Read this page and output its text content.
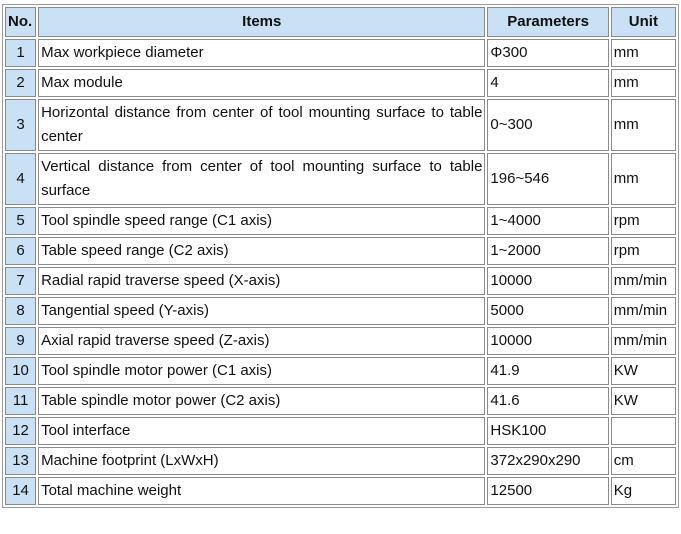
No.	Items	Parameters	Unit
1	Max workpiece diameter	Φ300	mm
2	Max module	4	mm
3	Horizontal distance from center of tool mounting surface to table center	0~300	mm
4	Vertical distance from center of tool mounting surface to table surface	196~546	mm
5	Tool spindle speed range (C1 axis)	1~4000	rpm
6	Table speed range (C2 axis)	1~2000	rpm
7	Radial rapid traverse speed (X-axis)	10000	mm/min
8	Tangential speed (Y-axis)	5000	mm/min
9	Axial rapid traverse speed (Z-axis)	10000	mm/min
10	Tool spindle motor power (C1 axis)	41.9	KW
11	Table spindle motor power (C2 axis)	41.6	KW
12	Tool interface	HSK100	
13	Machine footprint (LxWxH)	372x290x290	cm
14	Total machine weight	12500	Kg
